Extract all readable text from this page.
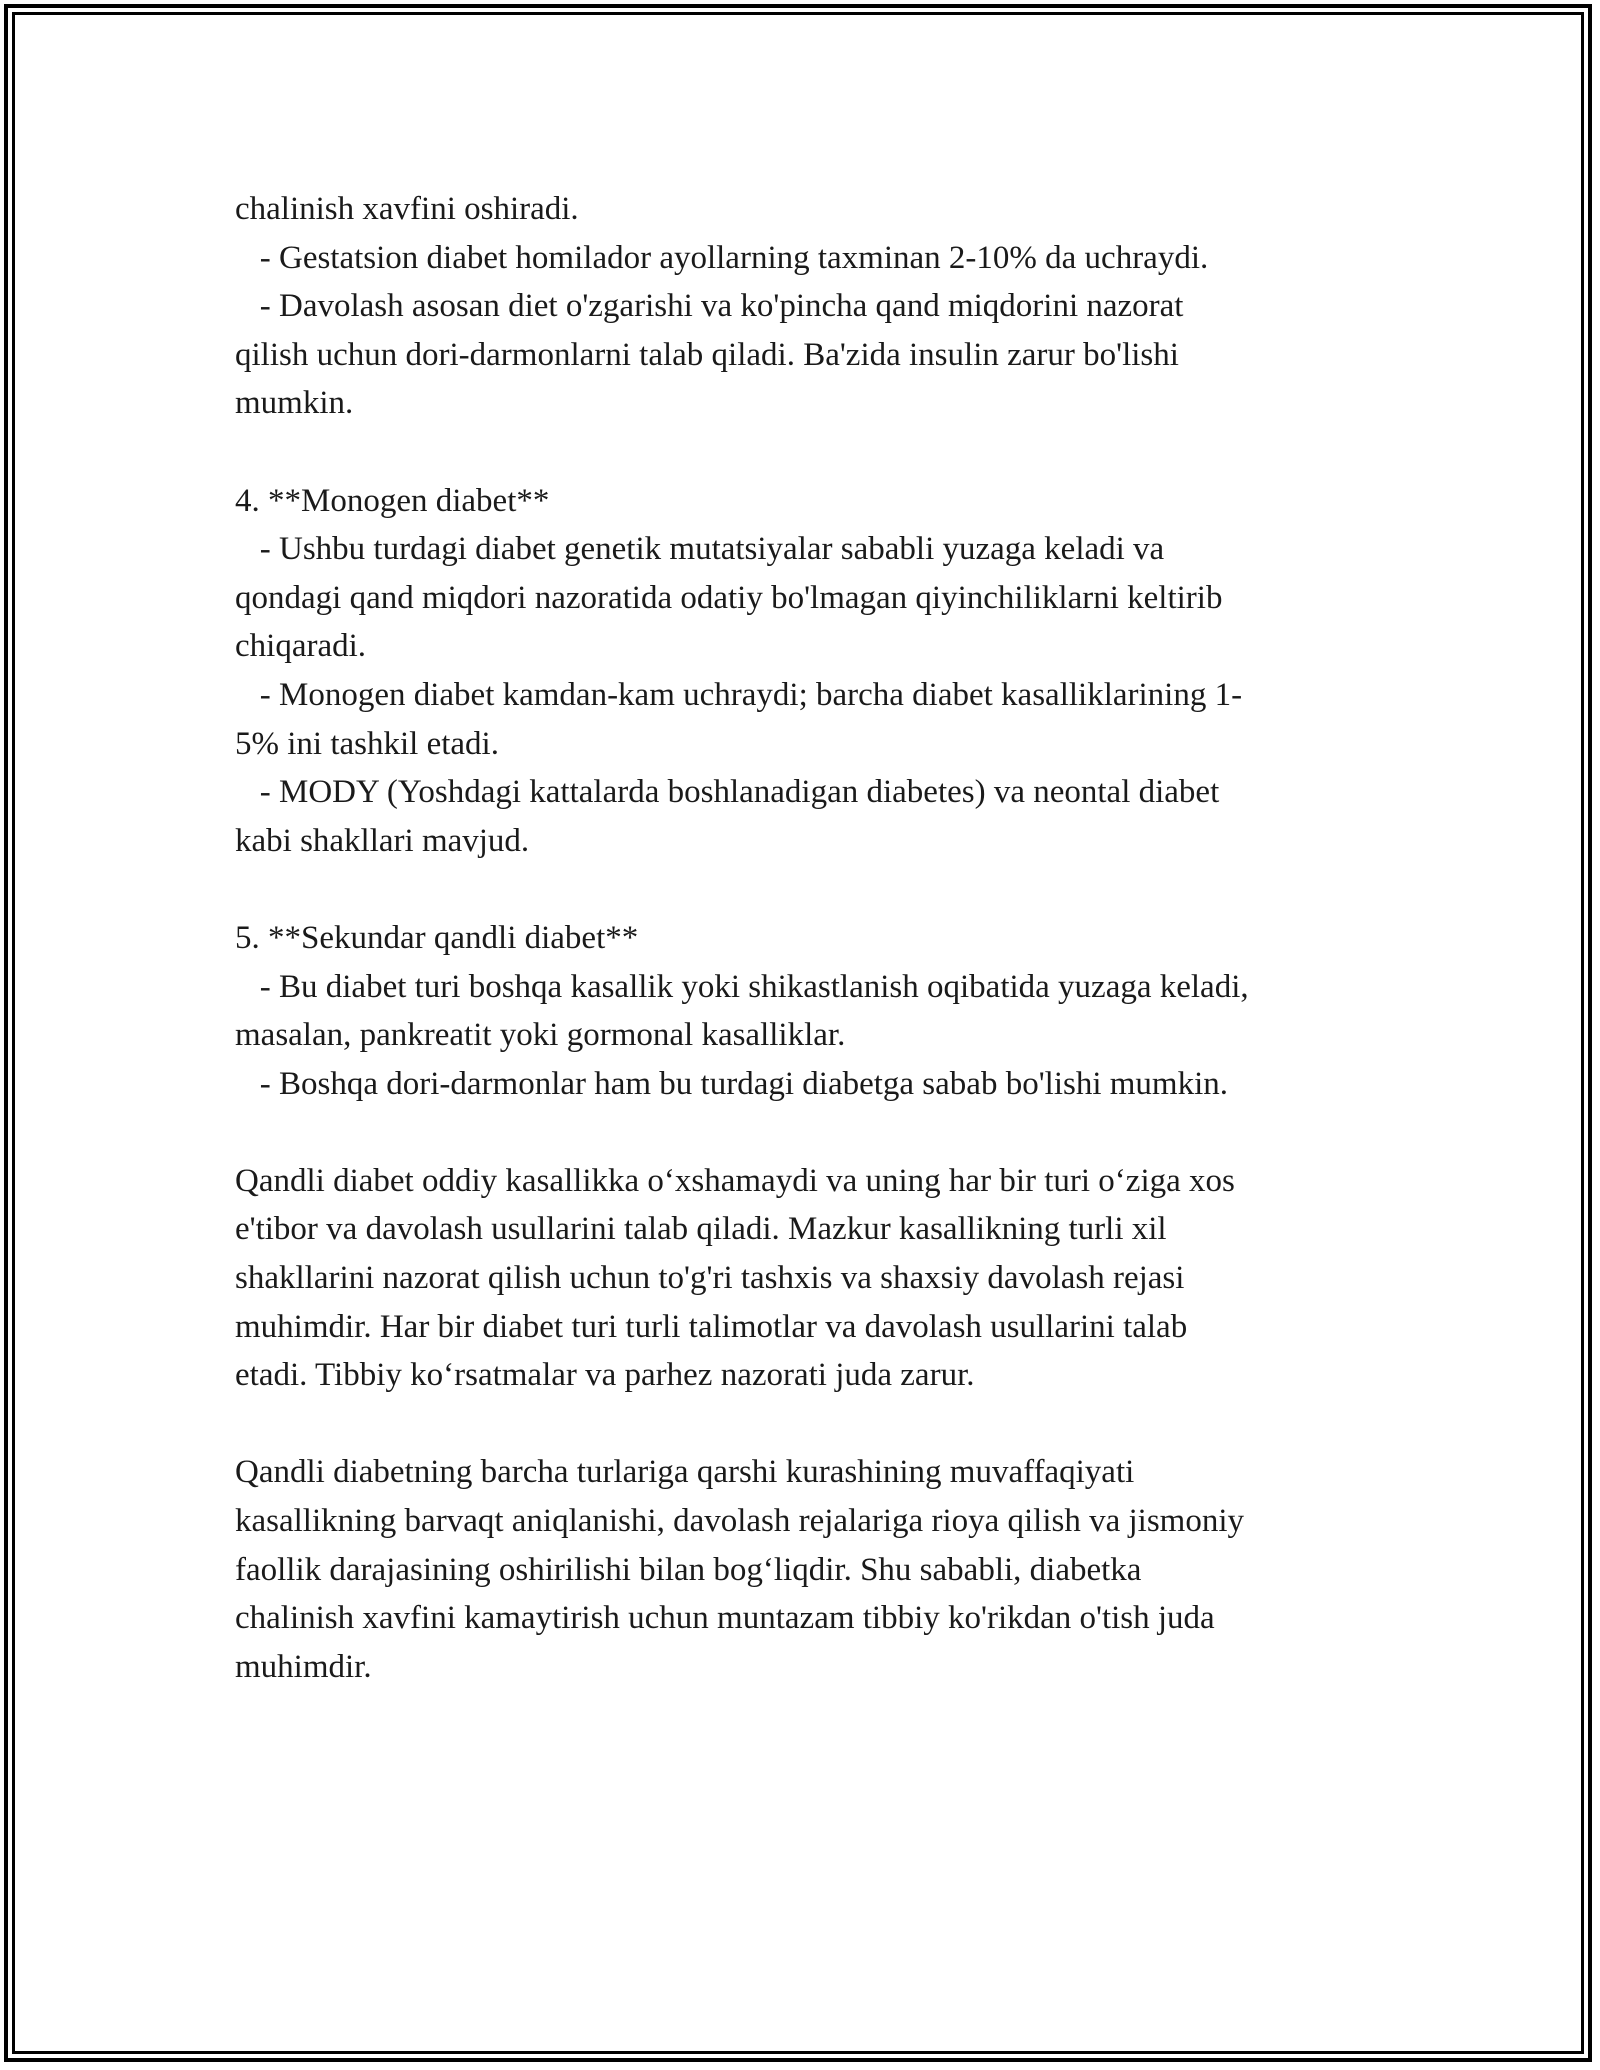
chalinish xavfini oshiradi.
- Gestatsion diabet homilador ayollarning taxminan 2-10% da uchraydi.
- Davolash asosan diet o'zgarishi va ko'pincha qand miqdorini nazorat
qilish uchun dori-darmonlarni talab qiladi. Ba'zida insulin zarur bo'lishi
mumkin.
4. **Monogen diabet**
- Ushbu turdagi diabet genetik mutatsiyalar sababli yuzaga keladi va
qondagi qand miqdori nazoratida odatiy bo'lmagan qiyinchiliklarni keltirib
chiqaradi.
- Monogen diabet kamdan-kam uchraydi; barcha diabet kasalliklarining 1-
5% ini tashkil etadi.
- MODY (Yoshdagi kattalarda boshlanadigan diabetes) va neontal diabet
kabi shakllari mavjud.
5. **Sekundar qandli diabet**
- Bu diabet turi boshqa kasallik yoki shikastlanish oqibatida yuzaga keladi,
masalan, pankreatit yoki gormonal kasalliklar.
- Boshqa dori-darmonlar ham bu turdagi diabetga sabab bo'lishi mumkin.
Qandli diabet oddiy kasallikka o‘xshamaydi va uning har bir turi o‘ziga xos
e'tibor va davolash usullarini talab qiladi. Mazkur kasallikning turli xil
shakllarini nazorat qilish uchun to'g'ri tashxis va shaxsiy davolash rejasi
muhimdir. Har bir diabet turi turli talimotlar va davolash usullarini talab
etadi. Tibbiy ko‘rsatmalar va parhez nazorati juda zarur.
Qandli diabetning barcha turlariga qarshi kurashining muvaffaqiyati
kasallikning barvaqt aniqlanishi, davolash rejalariga rioya qilish va jismoniy
faollik darajasining oshirilishi bilan bog‘liqdir. Shu sababli, diabetka
chalinish xavfini kamaytirish uchun muntazam tibbiy ko'rikdan o'tish juda
muhimdir.
